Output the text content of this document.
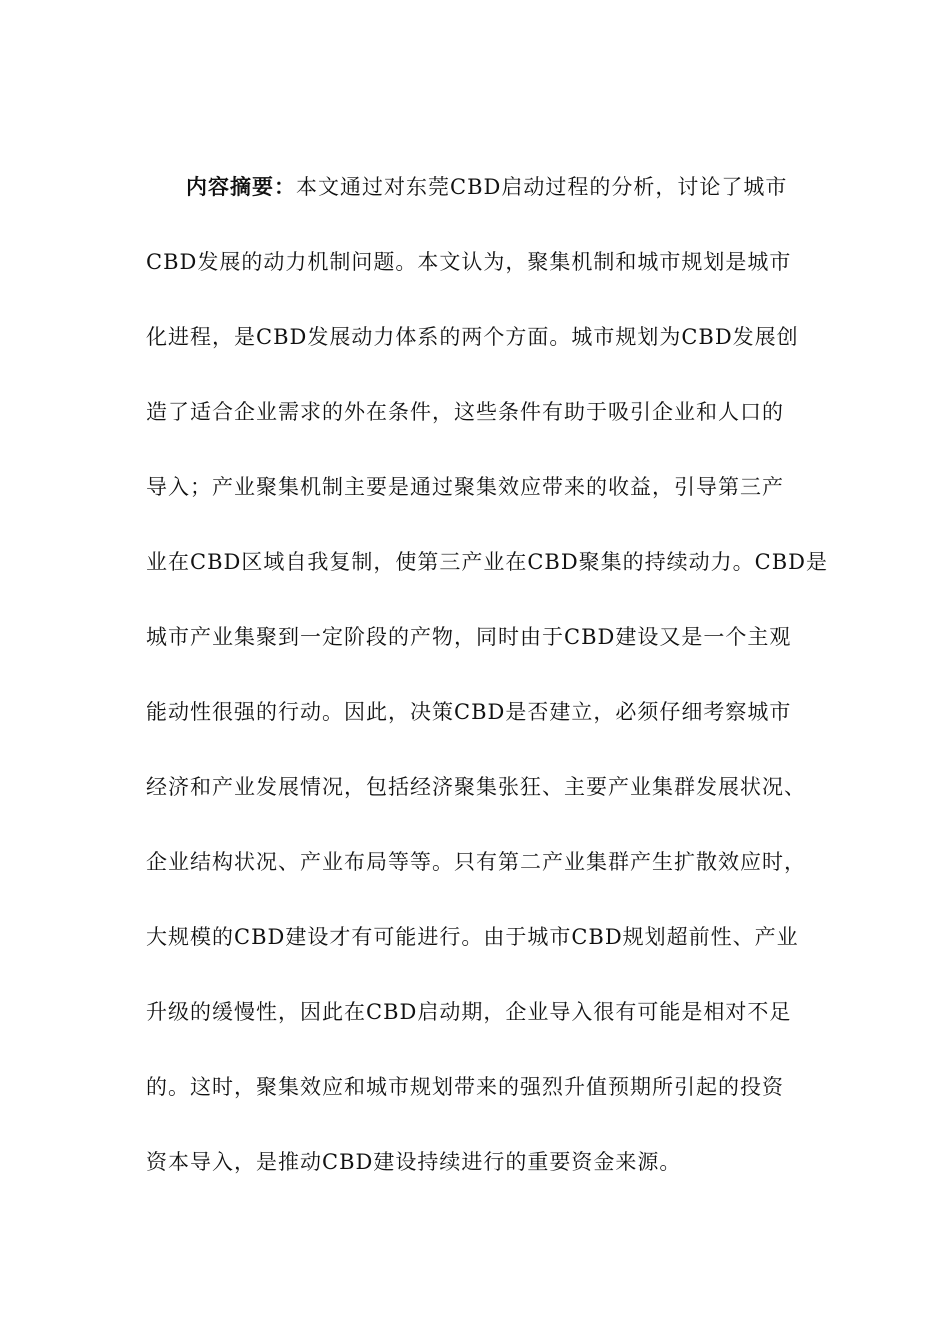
内容摘要：本文通过对东莞CBD启动过程的分析，讨论了城市
CBD发展的动力机制问题。本文认为，聚集机制和城市规划是城市
化进程，是CBD发展动力体系的两个方面。城市规划为CBD发展创
造了适合企业需求的外在条件，这些条件有助于吸引企业和人口的
导入；产业聚集机制主要是通过聚集效应带来的收益，引导第三产
业在CBD区域自我复制，使第三产业在CBD聚集的持续动力。CBD是
城市产业集聚到一定阶段的产物，同时由于CBD建设又是一个主观
能动性很强的行动。因此，决策CBD是否建立，必须仔细考察城市
经济和产业发展情况，包括经济聚集张狂、主要产业集群发展状况、
企业结构状况、产业布局等等。只有第二产业集群产生扩散效应时，
大规模的CBD建设才有可能进行。由于城市CBD规划超前性、产业
升级的缓慢性，因此在CBD启动期，企业导入很有可能是相对不足
的。这时，聚集效应和城市规划带来的强烈升值预期所引起的投资
资本导入，是推动CBD建设持续进行的重要资金来源。
